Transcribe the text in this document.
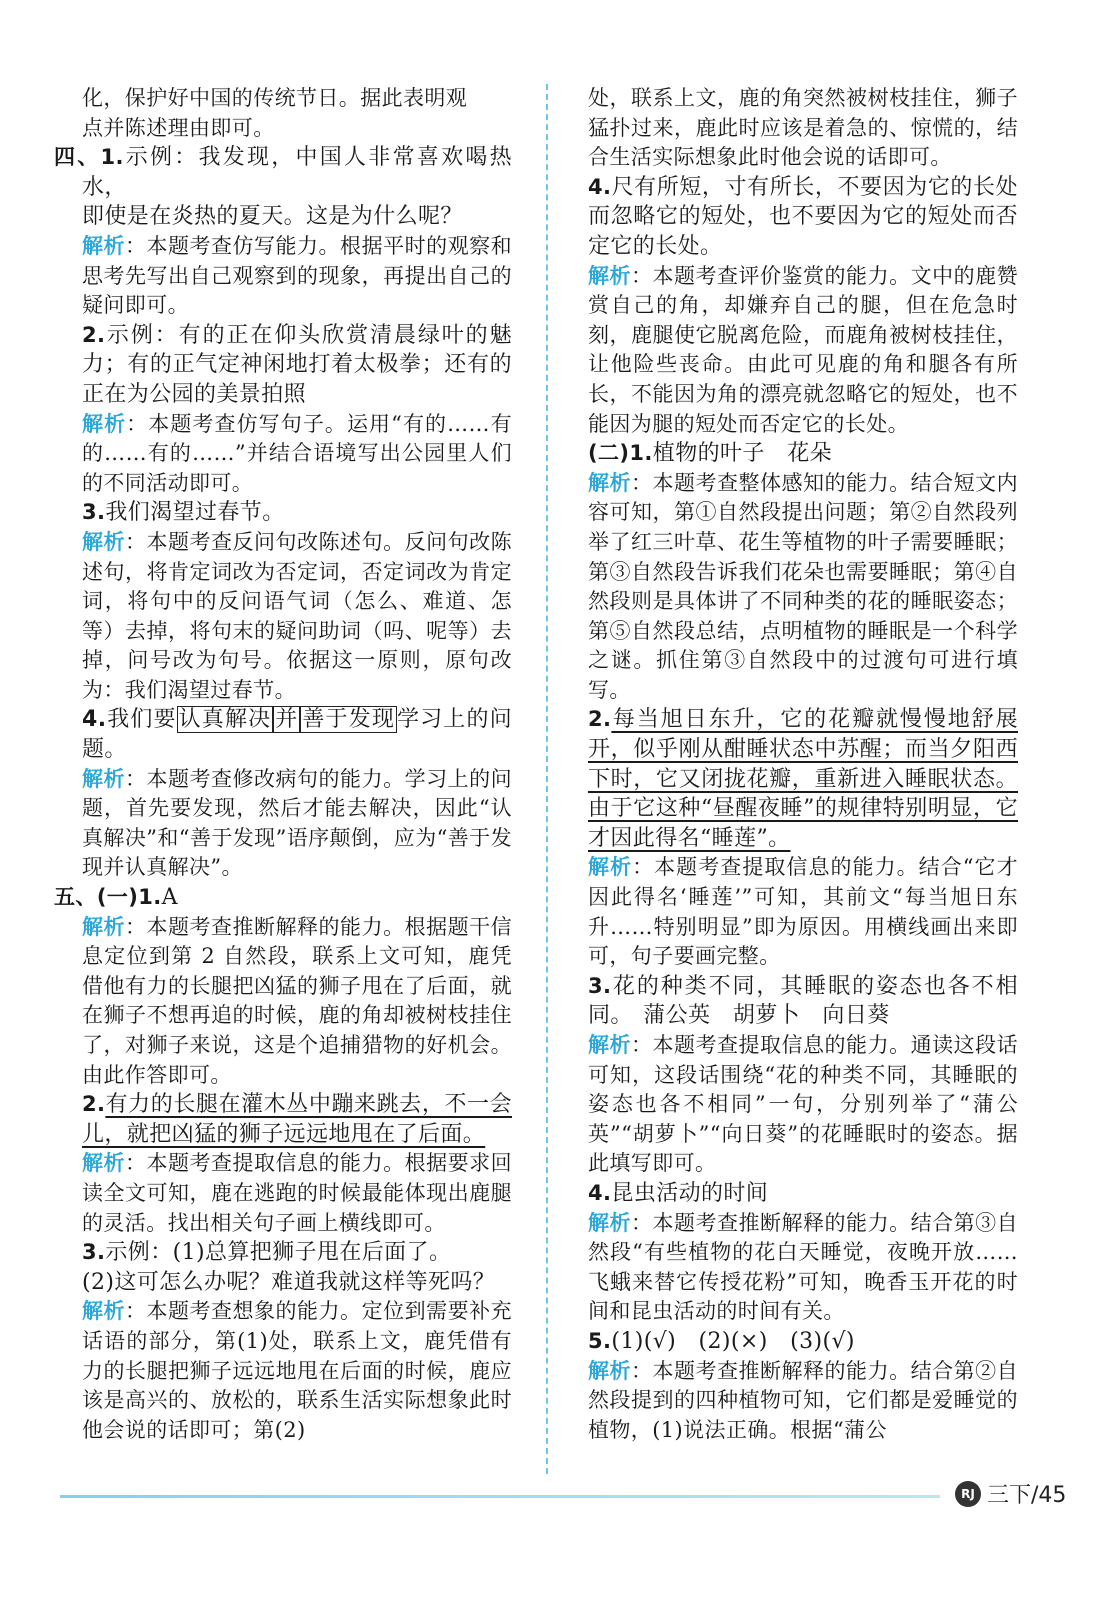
化，保护好中国的传统节日。据此表明观
点并陈述理由即可。

四、1.示例：我发现，中国人非常喜欢喝热水，
即使是在炎热的夏天。这是为什么呢？

解析：本题考查仿写能力。根据平时的观察和思考先写出自己观察到的现象，再提出自己的疑问即可。

2.示例：有的正在仰头欣赏清晨绿叶的魅力；有的正气定神闲地打着太极拳；还有的正在为公园的美景拍照

解析：本题考查仿写句子。运用“有的……有的……有的……”并结合语境写出公园里人们的不同活动即可。

3.我们渴望过春节。

解析：本题考查反问句改陈述句。反问句改陈述句，将肯定词改为否定词，否定词改为肯定词，将句中的反问语气词（怎么、难道、怎等）去掉，将句末的疑问助词（吗、呢等）去掉，问号改为句号。依据这一原则，原句改为：我们渴望过春节。

4.我们要认真解决 并 善于发现学习上的问题。

解析：本题考查修改病句的能力。学习上的问题，首先要发现，然后才能去解决，因此“认真解决”和“善于发现”语序颠倒，应为“善于发现并认真解决”。

五、(一)1.A

解析：本题考查推断解释的能力。根据题干信息定位到第 2 自然段，联系上文可知，鹿凭借他有力的长腿把凶猛的狮子甩在了后面，就在狮子不想再追的时候，鹿的角却被树枝挂住了，对狮子来说，这是个追捕猎物的好机会。由此作答即可。

2.有力的长腿在灌木丛中蹦来跳去，不一会儿，就把凶猛的狮子远远地甩在了后面。

解析：本题考查提取信息的能力。根据要求回读全文可知，鹿在逃跑的时候最能体现出鹿腿的灵活。找出相关句子画上横线即可。

3.示例：(1)总算把狮子甩在后面了。
(2)这可怎么办呢？难道我就这样等死吗？

解析：本题考查想象的能力。定位到需要补充话语的部分，第(1)处，联系上文，鹿凭借有力的长腿把狮子远远地甩在后面的时候，鹿应该是高兴的、放松的，联系生活实际想象此时他会说的话即可；第(2)

处，联系上文，鹿的角突然被树枝挂住，狮子猛扑过来，鹿此时应该是着急的、惊慌的，结合生活实际想象此时他会说的话即可。

4.尺有所短，寸有所长，不要因为它的长处而忽略它的短处，也不要因为它的短处而否定它的长处。

解析：本题考查评价鉴赏的能力。文中的鹿赞赏自己的角，却嫌弃自己的腿，但在危急时刻，鹿腿使它脱离危险，而鹿角被树枝挂住，让他险些丧命。由此可见鹿的角和腿各有所长，不能因为角的漂亮就忽略它的短处，也不能因为腿的短处而否定它的长处。

(二)1.植物的叶子　花朵

解析：本题考查整体感知的能力。结合短文内容可知，第①自然段提出问题；第②自然段列举了红三叶草、花生等植物的叶子需要睡眠；第③自然段告诉我们花朵也需要睡眠；第④自然段则是具体讲了不同种类的花的睡眠姿态；第⑤自然段总结，点明植物的睡眠是一个科学之谜。抓住第③自然段中的过渡句可进行填写。

2.每当旭日东升，它的花瓣就慢慢地舒展开，似乎刚从酣睡状态中苏醒；而当夕阳西下时，它又闭拢花瓣，重新进入睡眠状态。由于它这种“昼醒夜睡”的规律特别明显，它才因此得名“睡莲”。

解析：本题考查提取信息的能力。结合“它才因此得名‘睡莲’”可知，其前文“每当旭日东升……特别明显”即为原因。用横线画出来即可，句子要画完整。

3.花的种类不同，其睡眠的姿态也各不相同。　 蒲公英　胡萝卜　向日葵

解析：本题考查提取信息的能力。通读这段话可知，这段话围绕“花的种类不同，其睡眠的姿态也各不相同”一句，分别列举了“蒲公英”“胡萝卜”“向日葵”的花睡眠时的姿态。据此填写即可。

4.昆虫活动的时间

解析：本题考查推断解释的能力。结合第③自然段“有些植物的花白天睡觉，夜晚开放……飞蛾来替它传授花粉”可知，晚香玉开花的时间和昆虫活动的时间有关。

5.(1)(√)　(2)(×)　(3)(√)

解析：本题考查推断解释的能力。结合第②自然段提到的四种植物可知，它们都是爱睡觉的植物，(1)说法正确。根据“蒲公

RJ 三下/45
